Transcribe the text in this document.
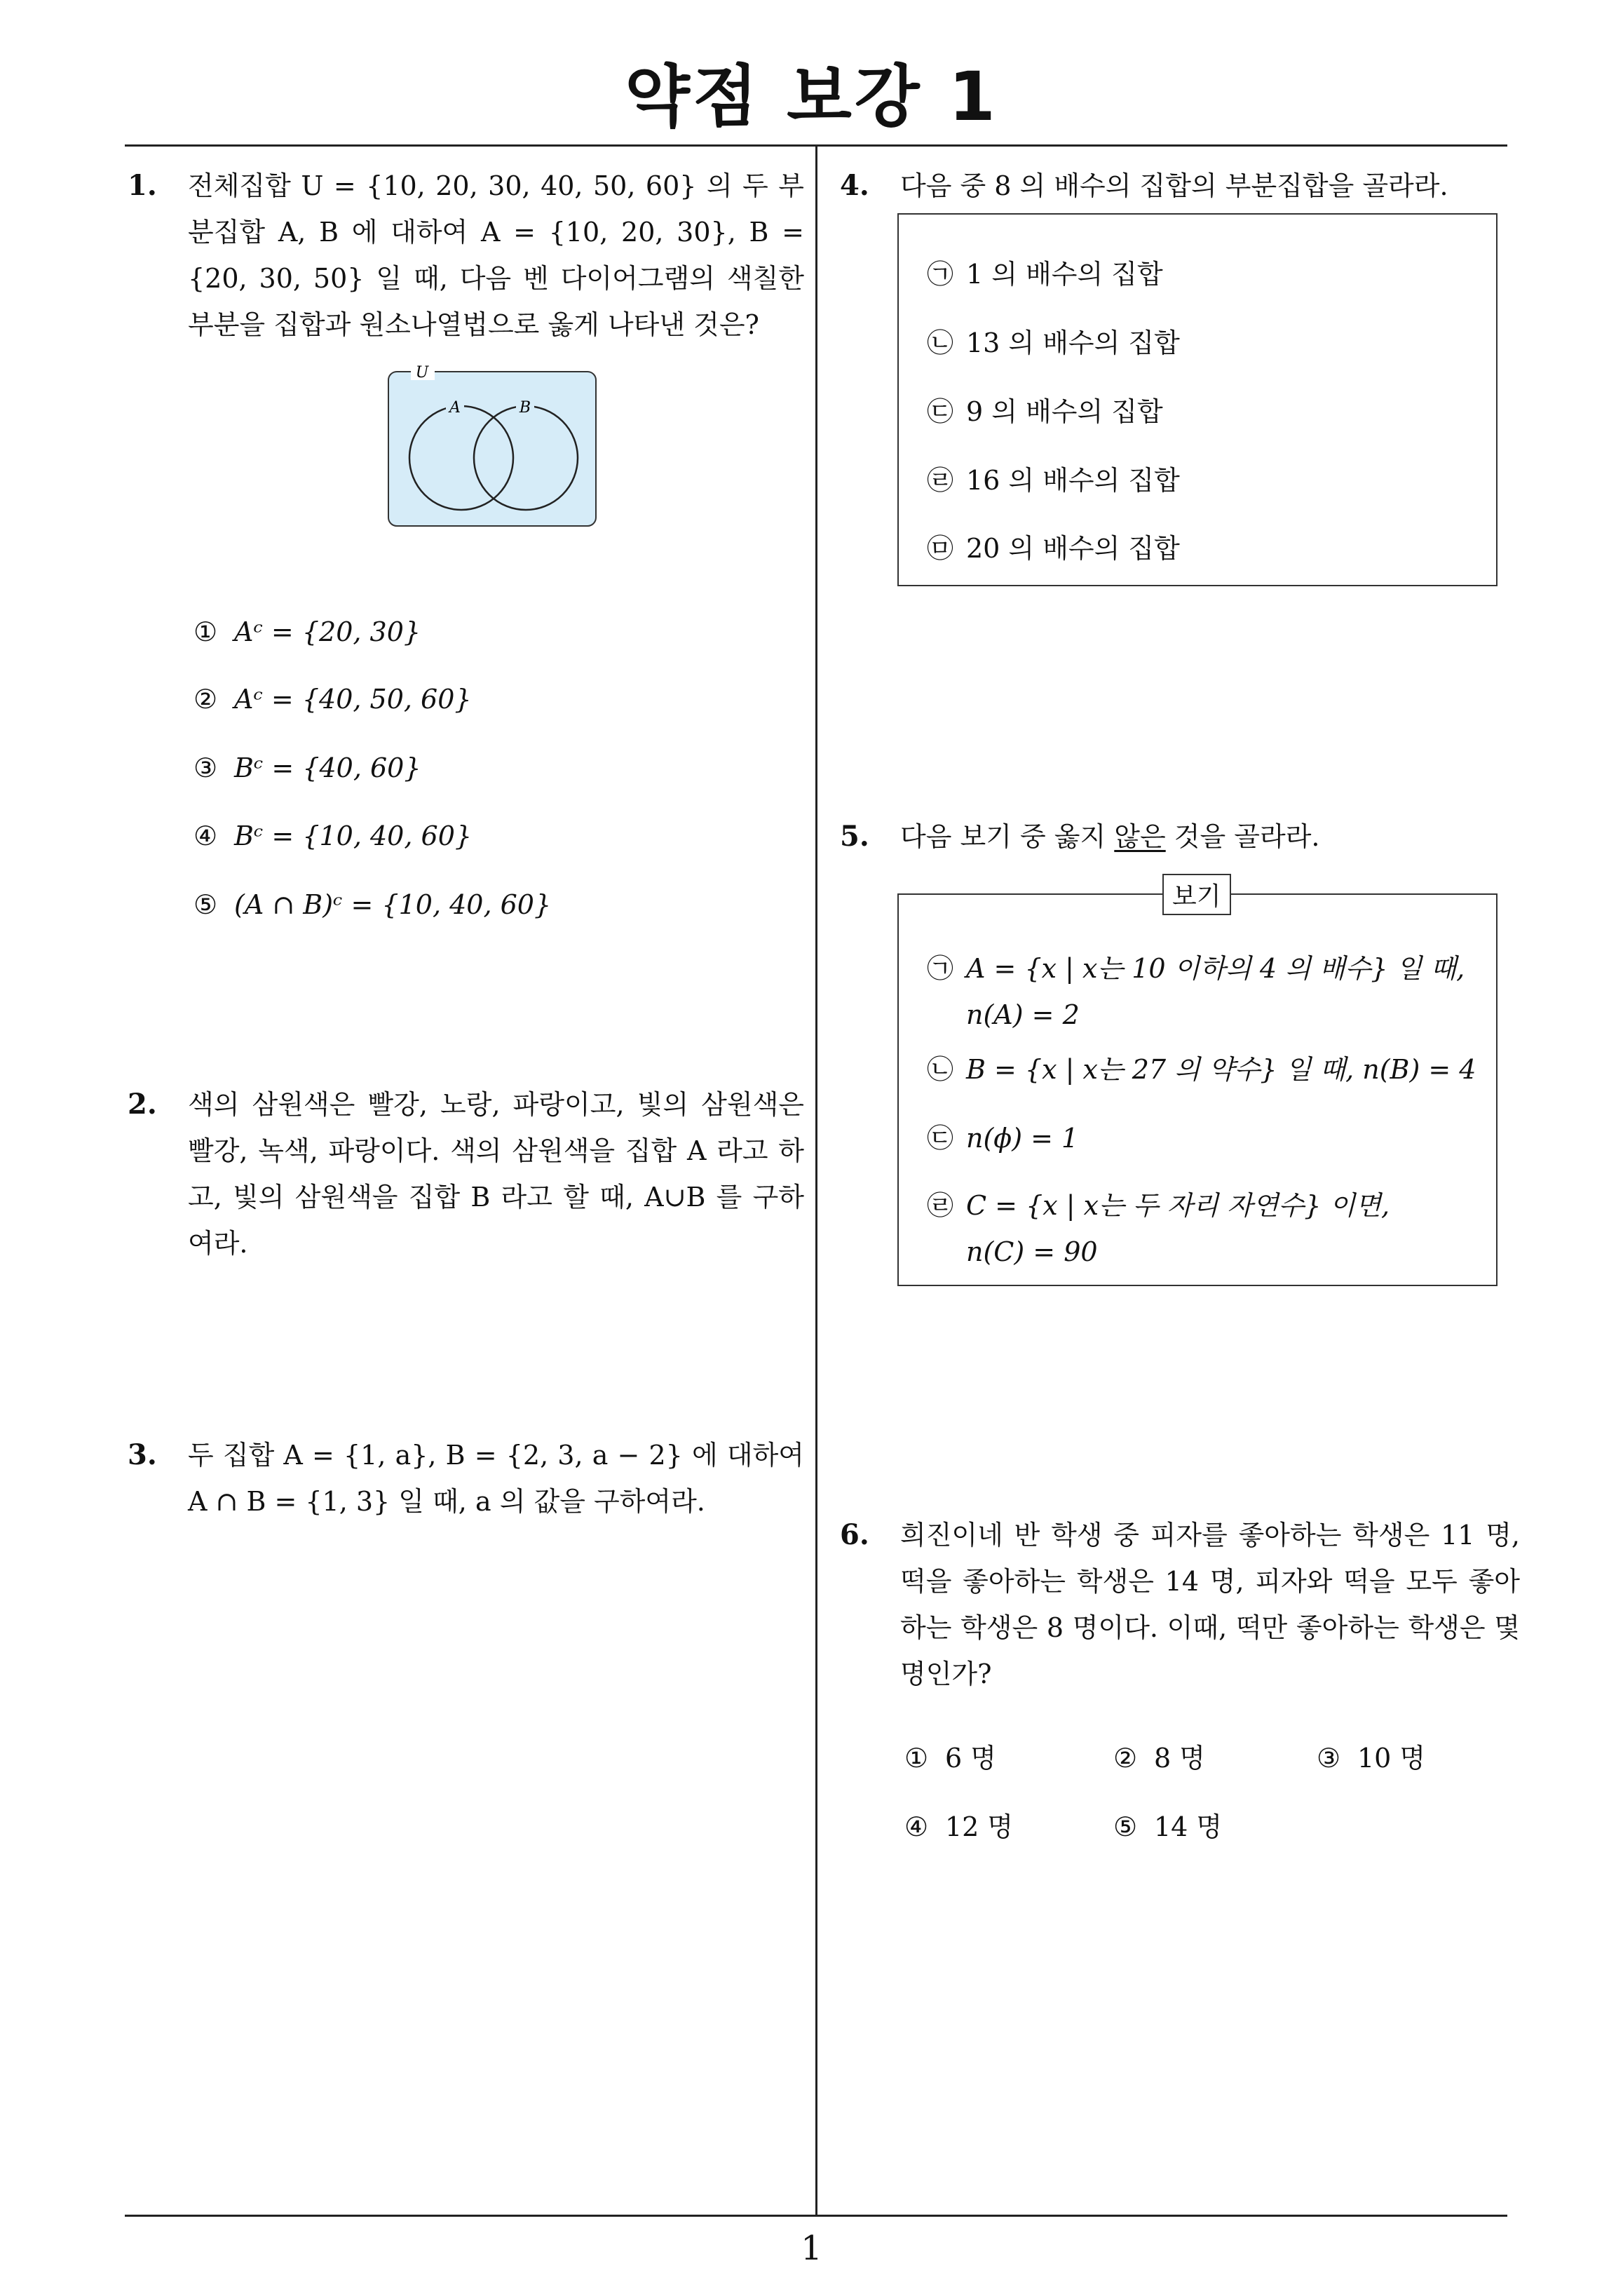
약점 보강 1
1
1. 전체집합 U = {10, 20, 30, 40, 50, 60} 의 두 부분집합 A, B 에 대하여 A = {10, 20, 30}, B = {20, 30, 50} 일 때, 다음 벤 다이어그램의 색칠한 부분을 집합과 원소나열법으로 옳게 나타낸 것은?
U
A	B
① Aᶜ = {20, 30}
② Aᶜ = {40, 50, 60}
③ Bᶜ = {40, 60}
④ Bᶜ = {10, 40, 60}
⑤ (A ∩ B)ᶜ = {10, 40, 60}
2. 색의 삼원색은 빨강, 노랑, 파랑이고, 빛의 삼원색은 빨강, 녹색, 파랑이다. 색의 삼원색을 집합 A 라고 하고, 빛의 삼원색을 집합 B 라고 할 때, A∪B 를 구하여라.
3. 두 집합 A = {1, a}, B = {2, 3, a − 2} 에 대하여 A ∩ B = {1, 3} 일 때, a 의 값을 구하여라.
4. 다음 중 8 의 배수의 집합의 부분집합을 골라라.
㉠ 1 의 배수의 집합
㉡ 13 의 배수의 집합
㉢ 9 의 배수의 집합
㉣ 16 의 배수의 집합
㉤ 20 의 배수의 집합
5. 다음 보기 중 옳지 않은 것을 골라라.
보기
㉠ A = {x | x는 10 이하의 4 의 배수} 일 때,
n(A) = 2
㉡ B = {x | x는 27 의 약수} 일 때, n(B) = 4
㉢ n(ϕ) = 1
㉣ C = {x | x는 두 자리 자연수} 이면,
n(C) = 90
6. 희진이네 반 학생 중 피자를 좋아하는 학생은 11 명, 떡을 좋아하는 학생은 14 명, 피자와 떡을 모두 좋아하는 학생은 8 명이다. 이때, 떡만 좋아하는 학생은 몇 명인가?
① 6 명	② 8 명	③ 10 명
④ 12 명	⑤ 14 명
